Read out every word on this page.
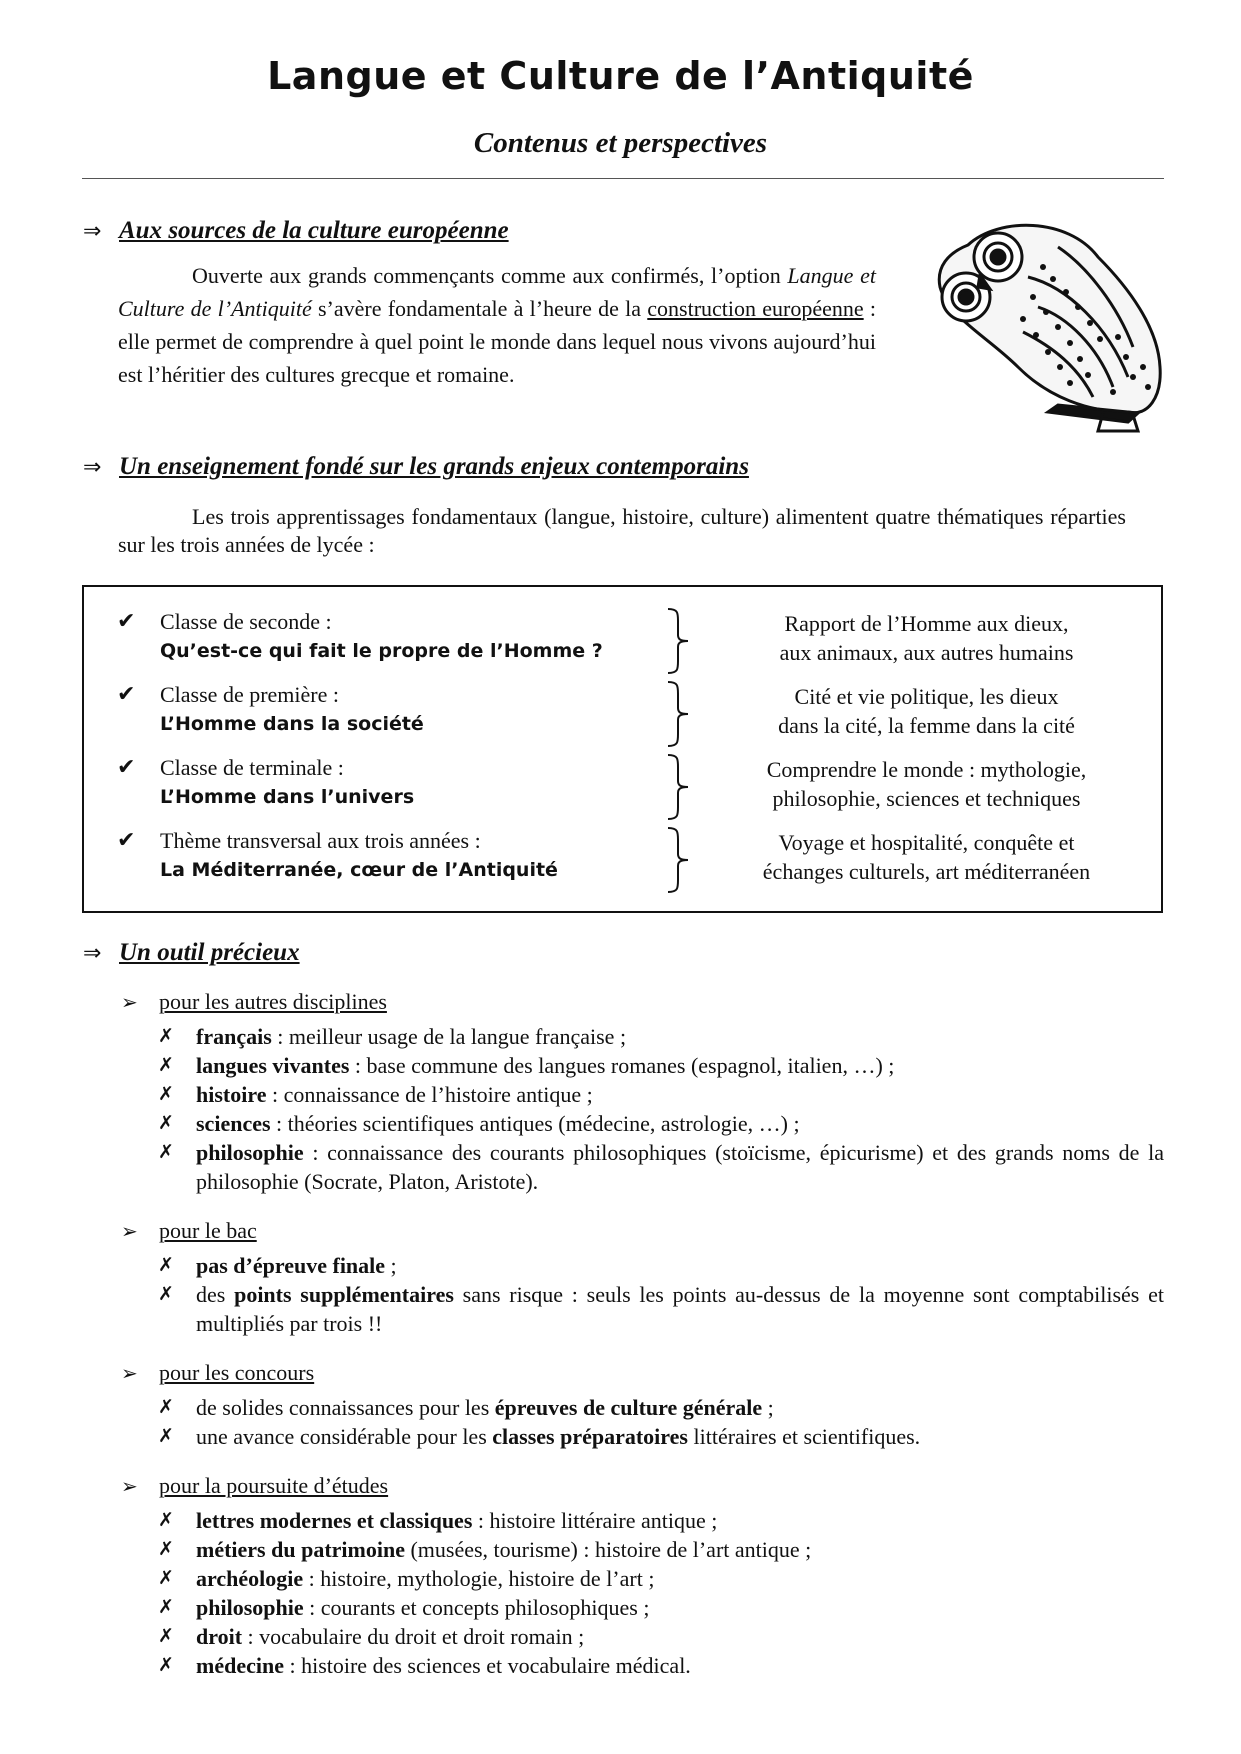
Langue et Culture de l’Antiquité
Contenus et perspectives
⇒ Aux sources de la culture européenne
Ouverte aux grands commençants comme aux confirmés, l’option Langue et Culture de l’Antiquité s’avère fondamentale à l’heure de la construction européenne : elle permet de comprendre à quel point le monde dans lequel nous vivons aujourd’hui est l’héritier des cultures grecque et romaine.
⇒ Un enseignement fondé sur les grands enjeux contemporains
Les trois apprentissages fondamentaux (langue, histoire, culture) alimentent quatre thématiques réparties sur les trois années de lycée :
✔ Classe de seconde :
Qu’est-ce qui fait le propre de l’Homme ?
Rapport de l’Homme aux dieux,
aux animaux, aux autres humains
✔ Classe de première :
L’Homme dans la société
Cité et vie politique, les dieux
dans la cité, la femme dans la cité
✔ Classe de terminale :
L’Homme dans l’univers
Comprendre le monde : mythologie,
philosophie, sciences et techniques
✔ Thème transversal aux trois années :
La Méditerranée, cœur de l’Antiquité
Voyage et hospitalité, conquête et
échanges culturels, art méditerranéen
⇒ Un outil précieux
➢ pour les autres disciplines
✗ français : meilleur usage de la langue française ;
✗ langues vivantes : base commune des langues romanes (espagnol, italien, …) ;
✗ histoire : connaissance de l’histoire antique ;
✗ sciences : théories scientifiques antiques (médecine, astrologie, …) ;
✗ philosophie : connaissance des courants philosophiques (stoïcisme, épicurisme) et des grands noms de la philosophie (Socrate, Platon, Aristote).
➢ pour le bac
✗ pas d’épreuve finale ;
✗ des points supplémentaires sans risque : seuls les points au-dessus de la moyenne sont comptabilisés et multipliés par trois !!
➢ pour les concours
✗ de solides connaissances pour les épreuves de culture générale ;
✗ une avance considérable pour les classes préparatoires littéraires et scientifiques.
➢ pour la poursuite d’études
✗ lettres modernes et classiques : histoire littéraire antique ;
✗ métiers du patrimoine (musées, tourisme) : histoire de l’art antique ;
✗ archéologie : histoire, mythologie, histoire de l’art ;
✗ philosophie : courants et concepts philosophiques ;
✗ droit : vocabulaire du droit et droit romain ;
✗ médecine : histoire des sciences et vocabulaire médical.
